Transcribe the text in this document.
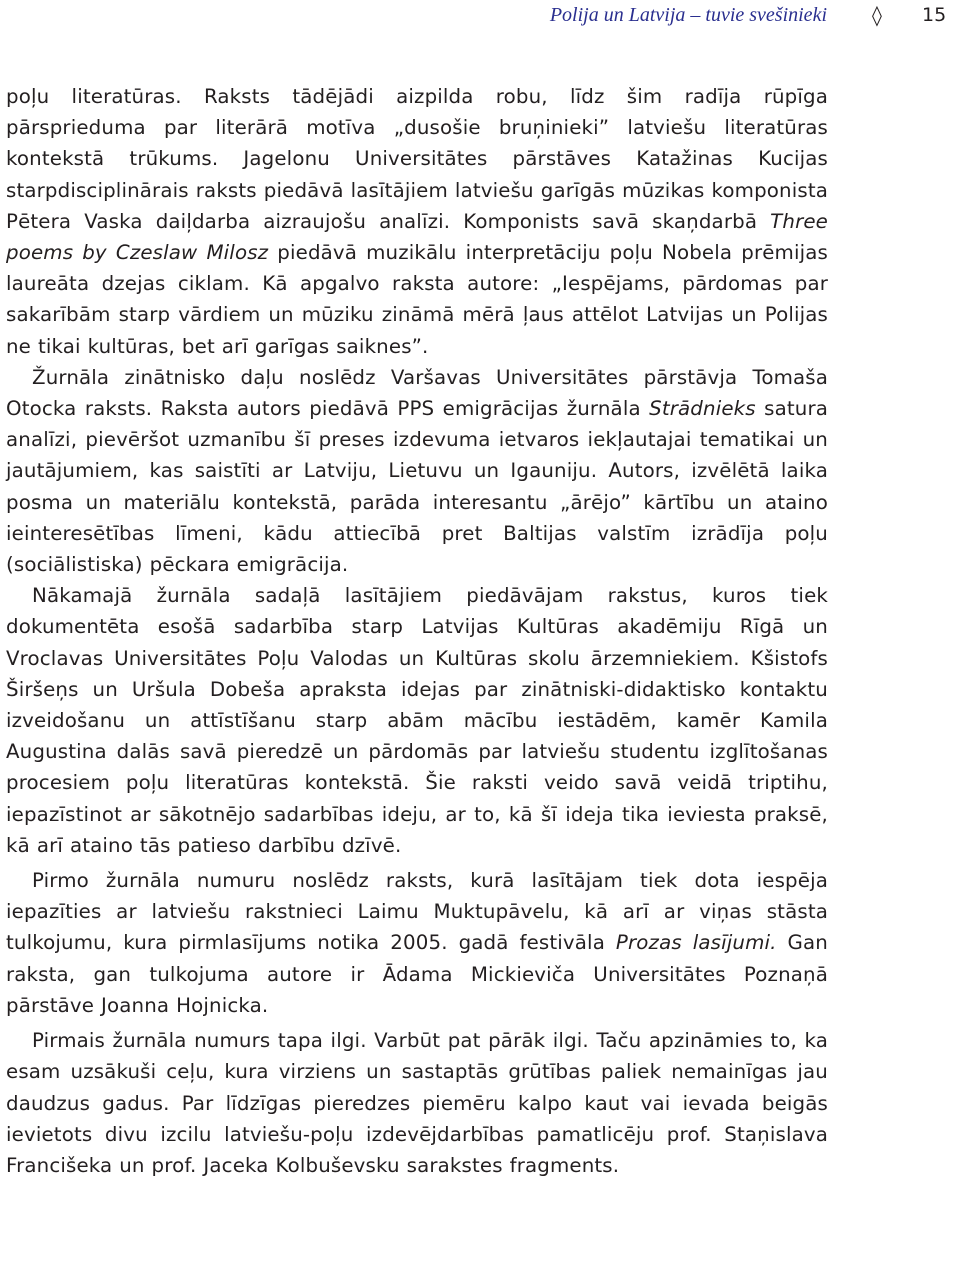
Polija un Latvija – tuvie svešinieki ◊ 15

poļu literatūras. Raksts tādējādi aizpilda robu, līdz šim radīja rūpīga pārsprieduma par literārā motīva „dusošie bruņinieki” latviešu literatūras kontekstā trūkums. Jagelonu Universitātes pārstāves Katažinas Kucijas starpdisciplinārais raksts piedāvā lasītājiem latviešu garīgās mūzikas komponista Pētera Vaska daiļdarba aizraujošu analīzi. Komponists savā skaņdarbā Three poems by Czeslaw Milosz piedāvā muzikālu interpretāciju poļu Nobela prēmijas laureāta dzejas ciklam. Kā apgalvo raksta autore: „Iespējams, pārdomas par sakarībām starp vārdiem un mūziku zināmā mērā ļaus attēlot Latvijas un Polijas ne tikai kultūras, bet arī garīgas saiknes”.

Žurnāla zinātnisko daļu noslēdz Varšavas Universitātes pārstāvja Tomaša Otocka raksts. Raksta autors piedāvā PPS emigrācijas žurnāla Strādnieks satura analīzi, pievēršot uzmanību šī preses izdevuma ietvaros iekļautajai tematikai un jautājumiem, kas saistīti ar Latviju, Lietuvu un Igauniju. Autors, izvēlētā laika posma un materiālu kontekstā, parāda interesantu „ārējo” kārtību un ataino ieinteresētības līmeni, kādu attiecībā pret Baltijas valstīm izrādīja poļu (sociālistiska) pēckara emigrācija.

Nākamajā žurnāla sadaļā lasītājiem piedāvājam rakstus, kuros tiek dokumentēta esošā sadarbība starp Latvijas Kultūras akadēmiju Rīgā un Vroclavas Universitātes Poļu Valodas un Kultūras skolu ārzemniekiem. Kšistofs Širšeņs un Uršula Dobeša apraksta idejas par zinātniski-didaktisko kontaktu izveidošanu un attīstīšanu starp abām mācību iestādēm, kamēr Kamila Augustina dalās savā pieredzē un pārdomās par latviešu studentu izglītošanas procesiem poļu literatūras kontekstā. Šie raksti veido savā veidā triptihu, iepazīstinot ar sākotnējo sadarbības ideju, ar to, kā šī ideja tika ieviesta praksē, kā arī ataino tās patieso darbību dzīvē.

Pirmo žurnāla numuru noslēdz raksts, kurā lasītājam tiek dota iespēja iepazīties ar latviešu rakstnieci Laimu Muktupāvelu, kā arī ar viņas stāsta tulkojumu, kura pirmlasījums notika 2005. gadā festivāla Prozas lasījumi. Gan raksta, gan tulkojuma autore ir Ādama Mickieviča Universitātes Poznaņā pārstāve Joanna Hojnicka.

Pirmais žurnāla numurs tapa ilgi. Varbūt pat pārāk ilgi. Taču apzināmies to, ka esam uzsākuši ceļu, kura virziens un sastaptās grūtības paliek nemainīgas jau daudzus gadus. Par līdzīgas pieredzes piemēru kalpo kaut vai ievada beigās ievietots divu izcilu latviešu-poļu izdevējdarbības pamatlicēju prof. Staņislava Francišeka un prof. Jaceka Kolbuševsku sarakstes fragments.
